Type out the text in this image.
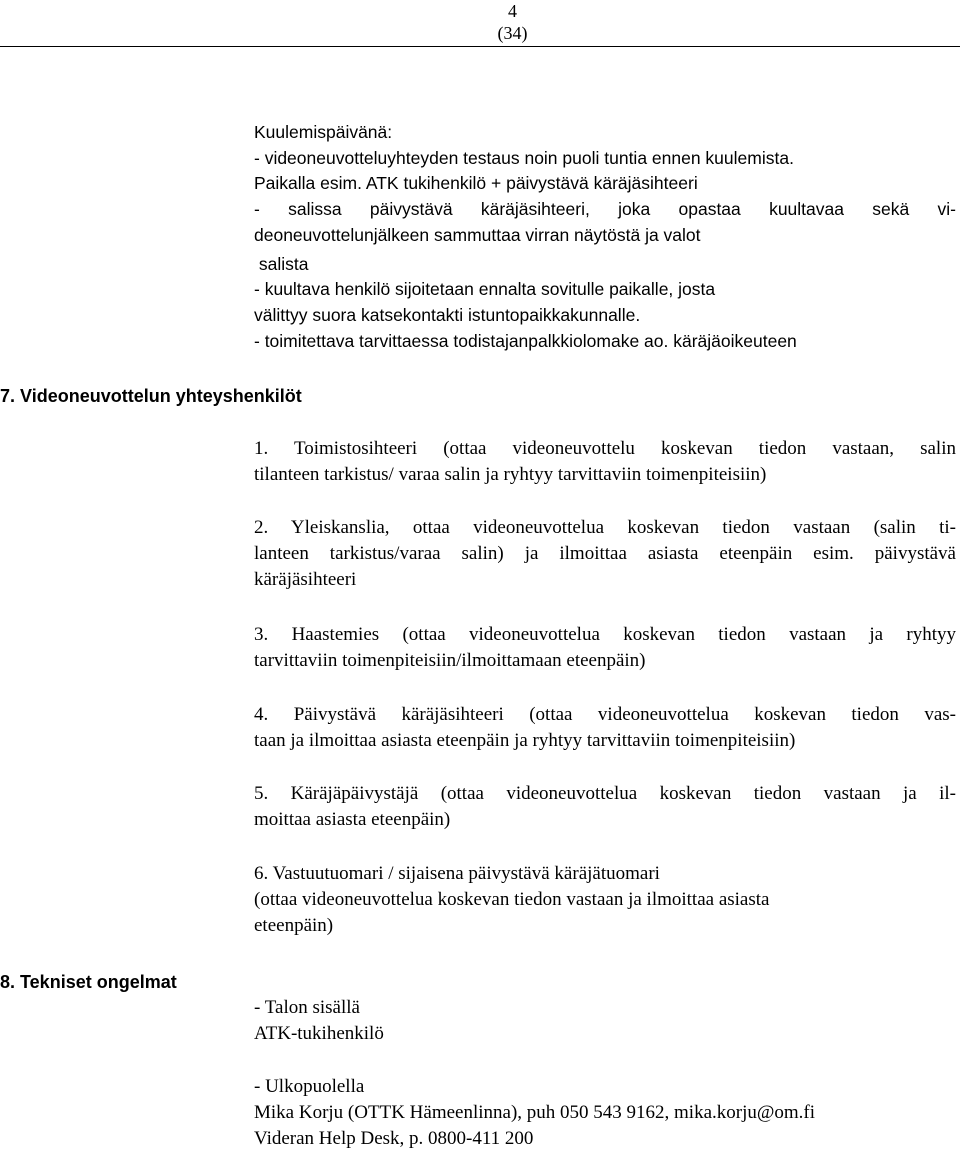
4
(34)

Kuulemispäivänä:

- videoneuvotteluyhteyden testaus noin puoli tuntia ennen kuulemista.

Paikalla esim. ATK tukihenkilö + päivystävä käräjäsihteeri

- salissa päivystävä käräjäsihteeri, joka opastaa kuultavaa sekä vi-

deoneuvottelunjälkeen sammuttaa virran näytöstä ja valot

salista

- kuultava henkilö sijoitetaan ennalta sovitulle paikalle, josta

välittyy suora katsekontakti istuntopaikkakunnalle.

- toimitettava tarvittaessa todistajanpalkkiolomake ao. käräjäoikeuteen

7. Videoneuvottelun yhteyshenkilöt

1. Toimistosihteeri (ottaa videoneuvottelu koskevan tiedon vastaan, salin

tilanteen tarkistus/ varaa salin ja ryhtyy tarvittaviin toimenpiteisiin)

2. Yleiskanslia, ottaa videoneuvottelua koskevan tiedon vastaan (salin ti-

lanteen tarkistus/varaa salin) ja ilmoittaa asiasta eteenpäin esim. päivystävä

käräjäsihteeri

3. Haastemies (ottaa videoneuvottelua koskevan tiedon vastaan ja ryhtyy

tarvittaviin toimenpiteisiin/ilmoittamaan eteenpäin)

4. Päivystävä käräjäsihteeri (ottaa videoneuvottelua koskevan tiedon vas-

taan ja ilmoittaa asiasta eteenpäin ja ryhtyy tarvittaviin toimenpiteisiin)

5. Käräjäpäivystäjä (ottaa videoneuvottelua koskevan tiedon vastaan ja il-

moittaa asiasta eteenpäin)

6. Vastuutuomari / sijaisena päivystävä käräjätuomari

(ottaa videoneuvottelua koskevan tiedon vastaan ja ilmoittaa asiasta

eteenpäin)

8. Tekniset ongelmat

- Talon sisällä

ATK-tukihenkilö

- Ulkopuolella

Mika Korju (OTTK Hämeenlinna), puh 050 543 9162, mika.korju@om.fi

Videran Help Desk, p. 0800-411 200
